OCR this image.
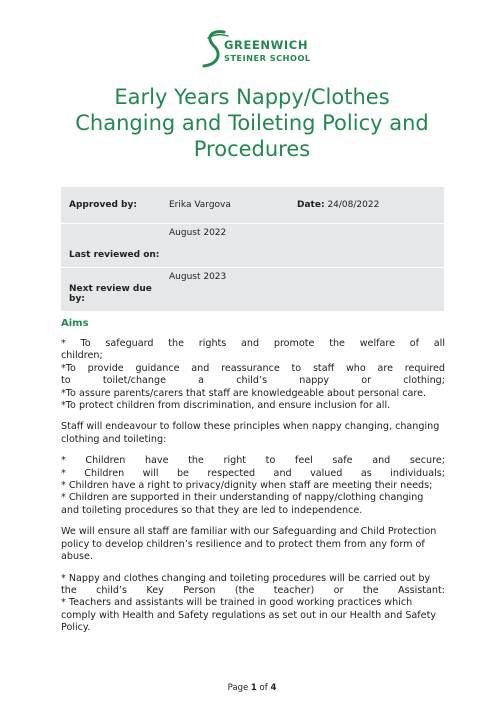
GREENWICH
STEINER SCHOOL
Early Years Nappy/Clothes
Changing and Toileting Policy and
Procedures
Approved by:	Erika Vargova	Date: 24/08/2022
Last reviewed on:	August 2022	
Next review due by:	August 2023	
Aims

* To safeguard the rights and promote the welfare of all
children;
*To provide guidance and reassurance to staff who are required
to toilet/change a child’s nappy or clothing;
*To assure parents/carers that staff are knowledgeable about personal care.
*To protect children from discrimination, and ensure inclusion for all.

Staff will endeavour to follow these principles when nappy changing, changing
clothing and toileting:

* Children have the right to feel safe and secure;
* Children will be respected and valued as individuals;
* Children have a right to privacy/dignity when staff are meeting their needs;
* Children are supported in their understanding of nappy/clothing changing
and toileting procedures so that they are led to independence.

We will ensure all staff are familiar with our Safeguarding and Child Protection
policy to develop children’s resilience and to protect them from any form of
abuse.

* Nappy and clothes changing and toileting procedures will be carried out by
the child’s Key Person (the teacher) or the Assistant:
* Teachers and assistants will be trained in good working practices which
comply with Health and Safety regulations as set out in our Health and Safety
Policy.

Page 1 of 4
